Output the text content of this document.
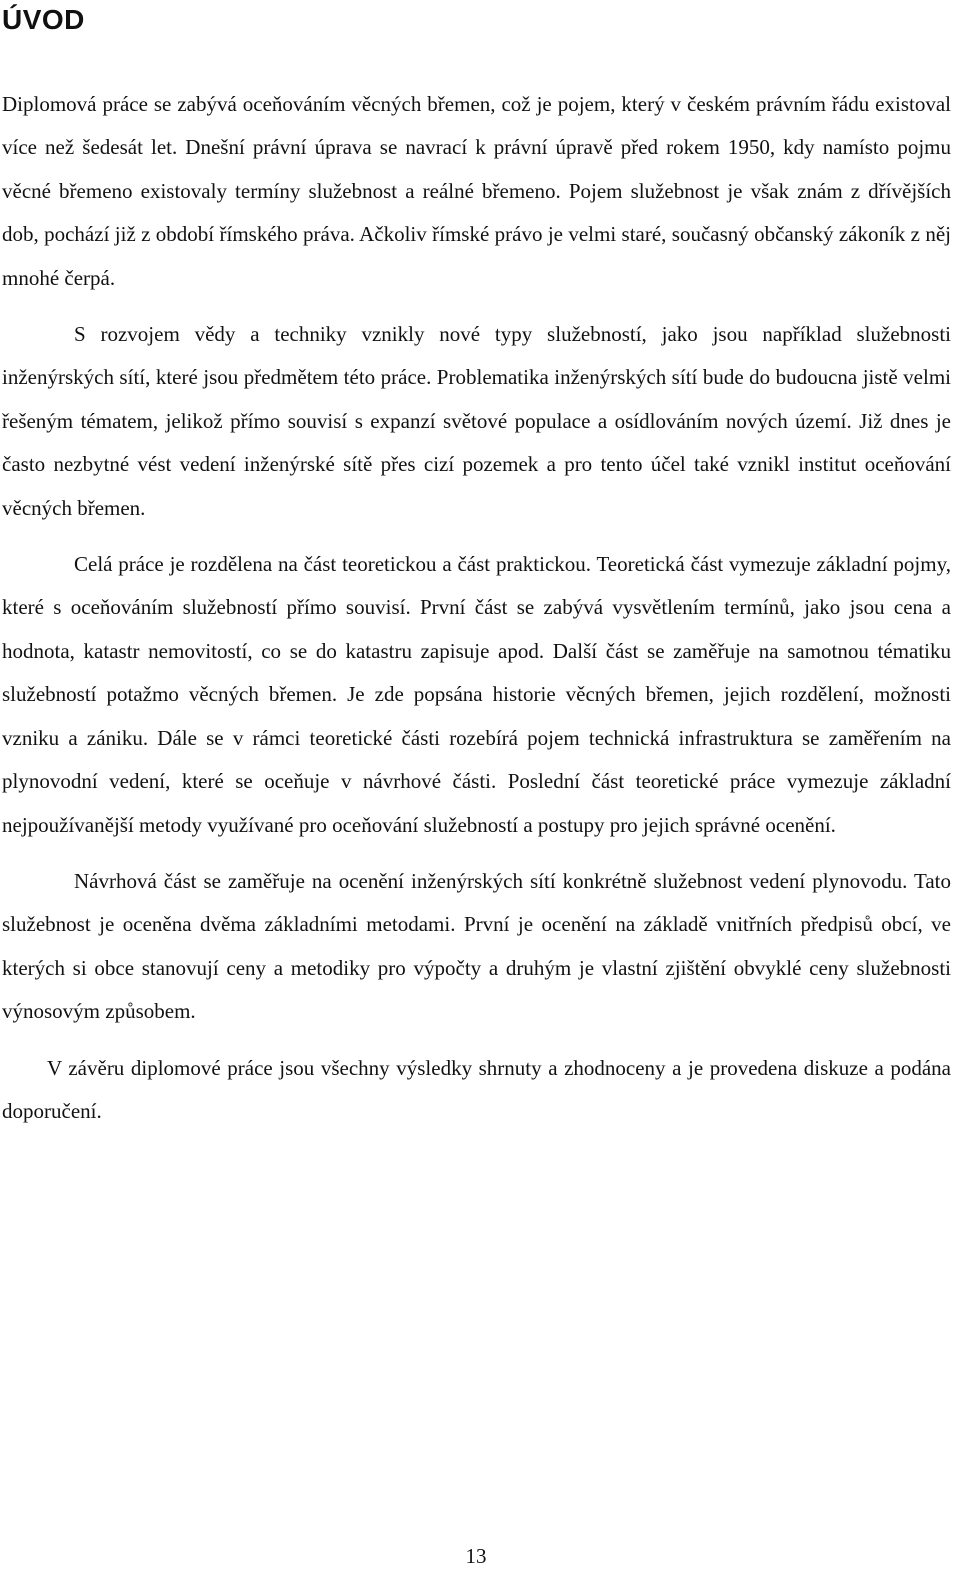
ÚVOD

Diplomová práce se zabývá oceňováním věcných břemen, což je pojem, který v českém právním řádu existoval více než šedesát let. Dnešní právní úprava se navrací k právní úpravě před rokem 1950, kdy namísto pojmu věcné břemeno existovaly termíny služebnost a reálné břemeno. Pojem služebnost je však znám z dřívějších dob, pochází již z období římského práva. Ačkoliv římské právo je velmi staré, současný občanský zákoník z něj mnohé čerpá.

S rozvojem vědy a techniky vznikly nové typy služebností, jako jsou například služebnosti inženýrských sítí, které jsou předmětem této práce. Problematika inženýrských sítí bude do budoucna jistě velmi řešeným tématem, jelikož přímo souvisí s expanzí světové populace a osídlováním nových území. Již dnes je často nezbytné vést vedení inženýrské sítě přes cizí pozemek a pro tento účel také vznikl institut oceňování věcných břemen.

Celá práce je rozdělena na část teoretickou a část praktickou. Teoretická část vymezuje základní pojmy, které s oceňováním služebností přímo souvisí. První část se zabývá vysvětlením termínů, jako jsou cena a hodnota, katastr nemovitostí, co se do katastru zapisuje apod. Další část se zaměřuje na samotnou tématiku služebností potažmo věcných břemen. Je zde popsána historie věcných břemen, jejich rozdělení, možnosti vzniku a zániku. Dále se v rámci teoretické části rozebírá pojem technická infrastruktura se zaměřením na plynovodní vedení, které se oceňuje v návrhové části. Poslední část teoretické práce vymezuje základní nejpoužívanější metody využívané pro oceňování služebností a postupy pro jejich správné ocenění.

Návrhová část se zaměřuje na ocenění inženýrských sítí konkrétně služebnost vedení plynovodu. Tato služebnost je oceněna dvěma základními metodami. První je ocenění na základě vnitřních předpisů obcí, ve kterých si obce stanovují ceny a metodiky pro výpočty a druhým je vlastní zjištění obvyklé ceny služebnosti výnosovým způsobem.

V závěru diplomové práce jsou všechny výsledky shrnuty a zhodnoceny a je provedena diskuze a podána doporučení.

13
